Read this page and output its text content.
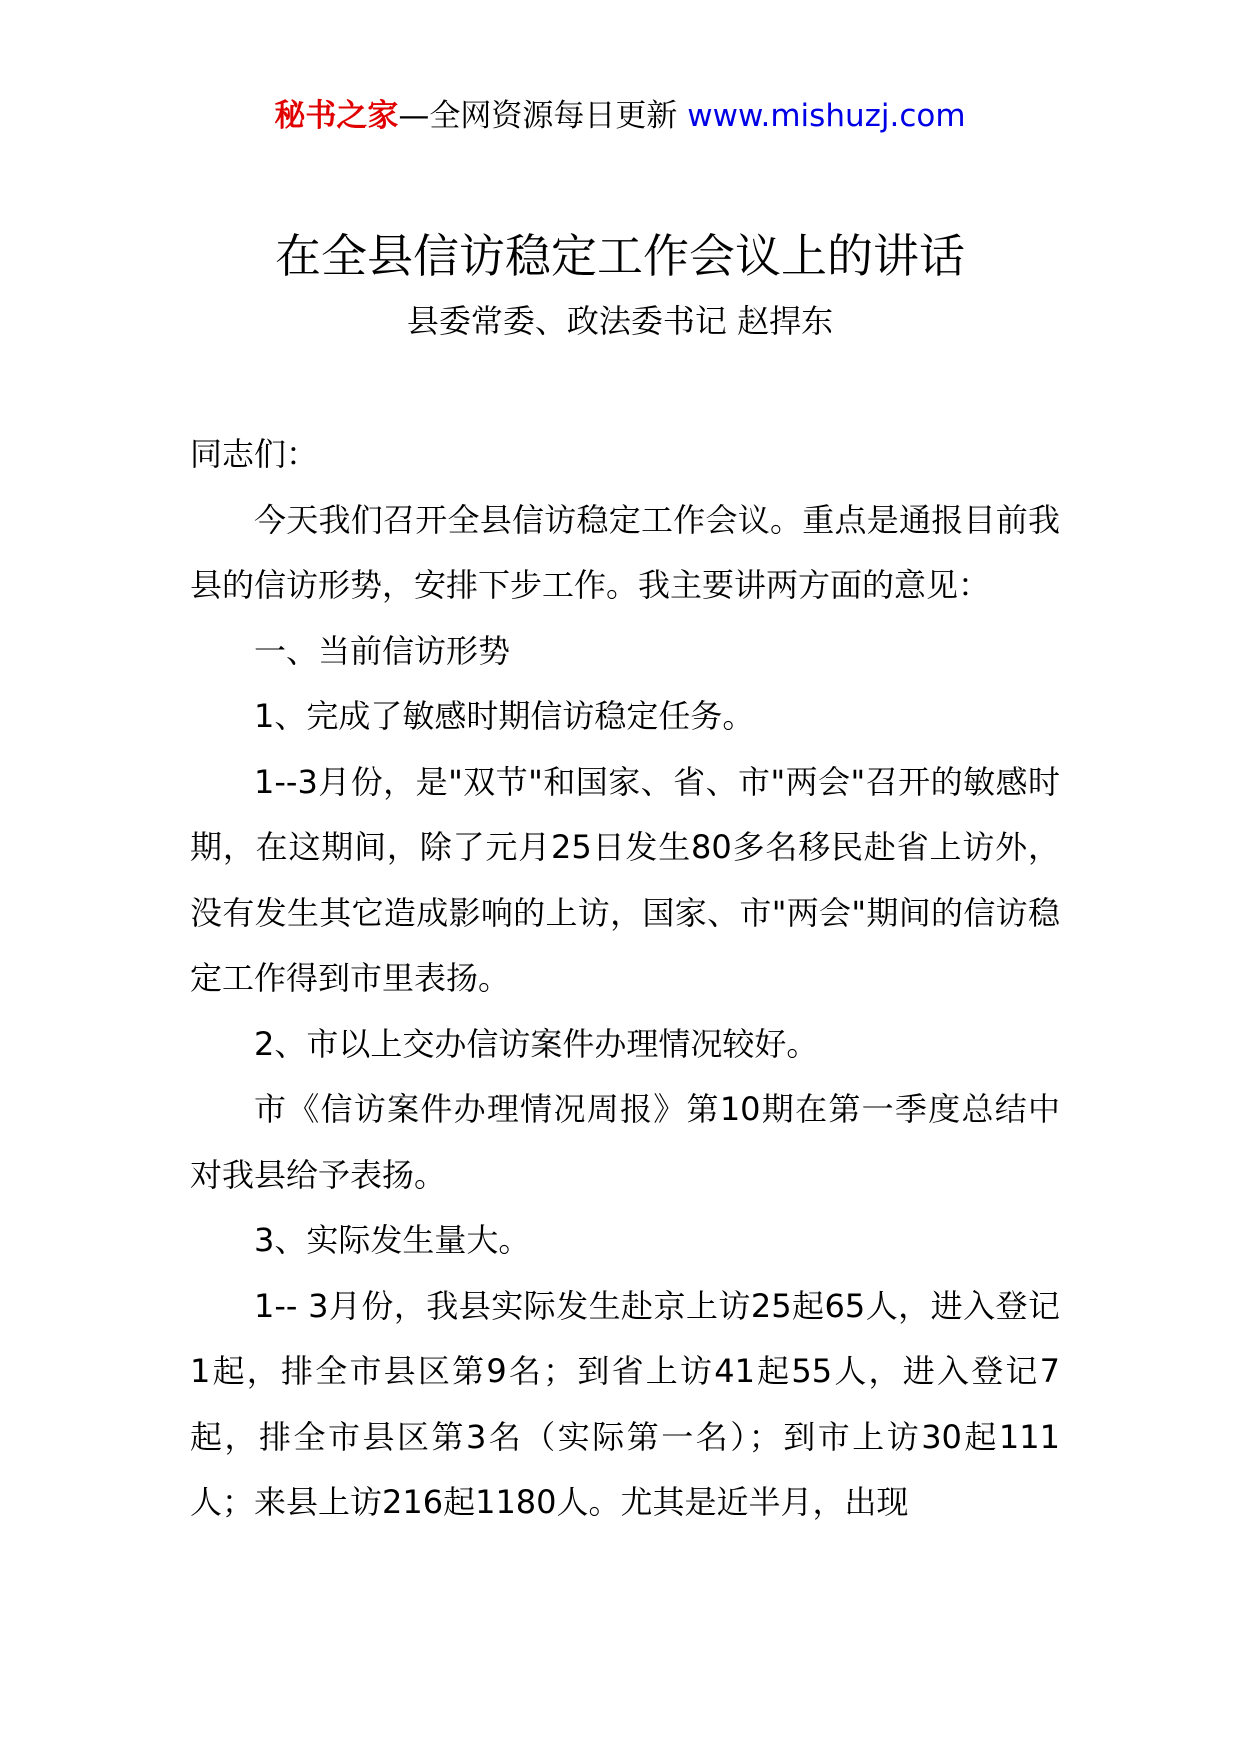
秘书之家—全网资源每日更新 www.mishuzj.com
在全县信访稳定工作会议上的讲话
县委常委、政法委书记 赵捍东

同志们：

今天我们召开全县信访稳定工作会议。重点是通报目前我县的信访形势，安排下步工作。我主要讲两方面的意见：

一、当前信访形势

1、完成了敏感时期信访稳定任务。

1--3月份，是"双节"和国家、省、市"两会"召开的敏感时期，在这期间，除了元月25日发生80多名移民赴省上访外，没有发生其它造成影响的上访，国家、市"两会"期间的信访稳定工作得到市里表扬。

2、市以上交办信访案件办理情况较好。

市《信访案件办理情况周报》第10期在第一季度总结中对我县给予表扬。

3、实际发生量大。

1-- 3月份，我县实际发生赴京上访25起65人，进入登记1起，排全市县区第9名；到省上访41起55人，进入登记7起，排全市县区第3名（实际第一名）；到市上访30起111人；来县上访216起1180人。尤其是近半月，出现
